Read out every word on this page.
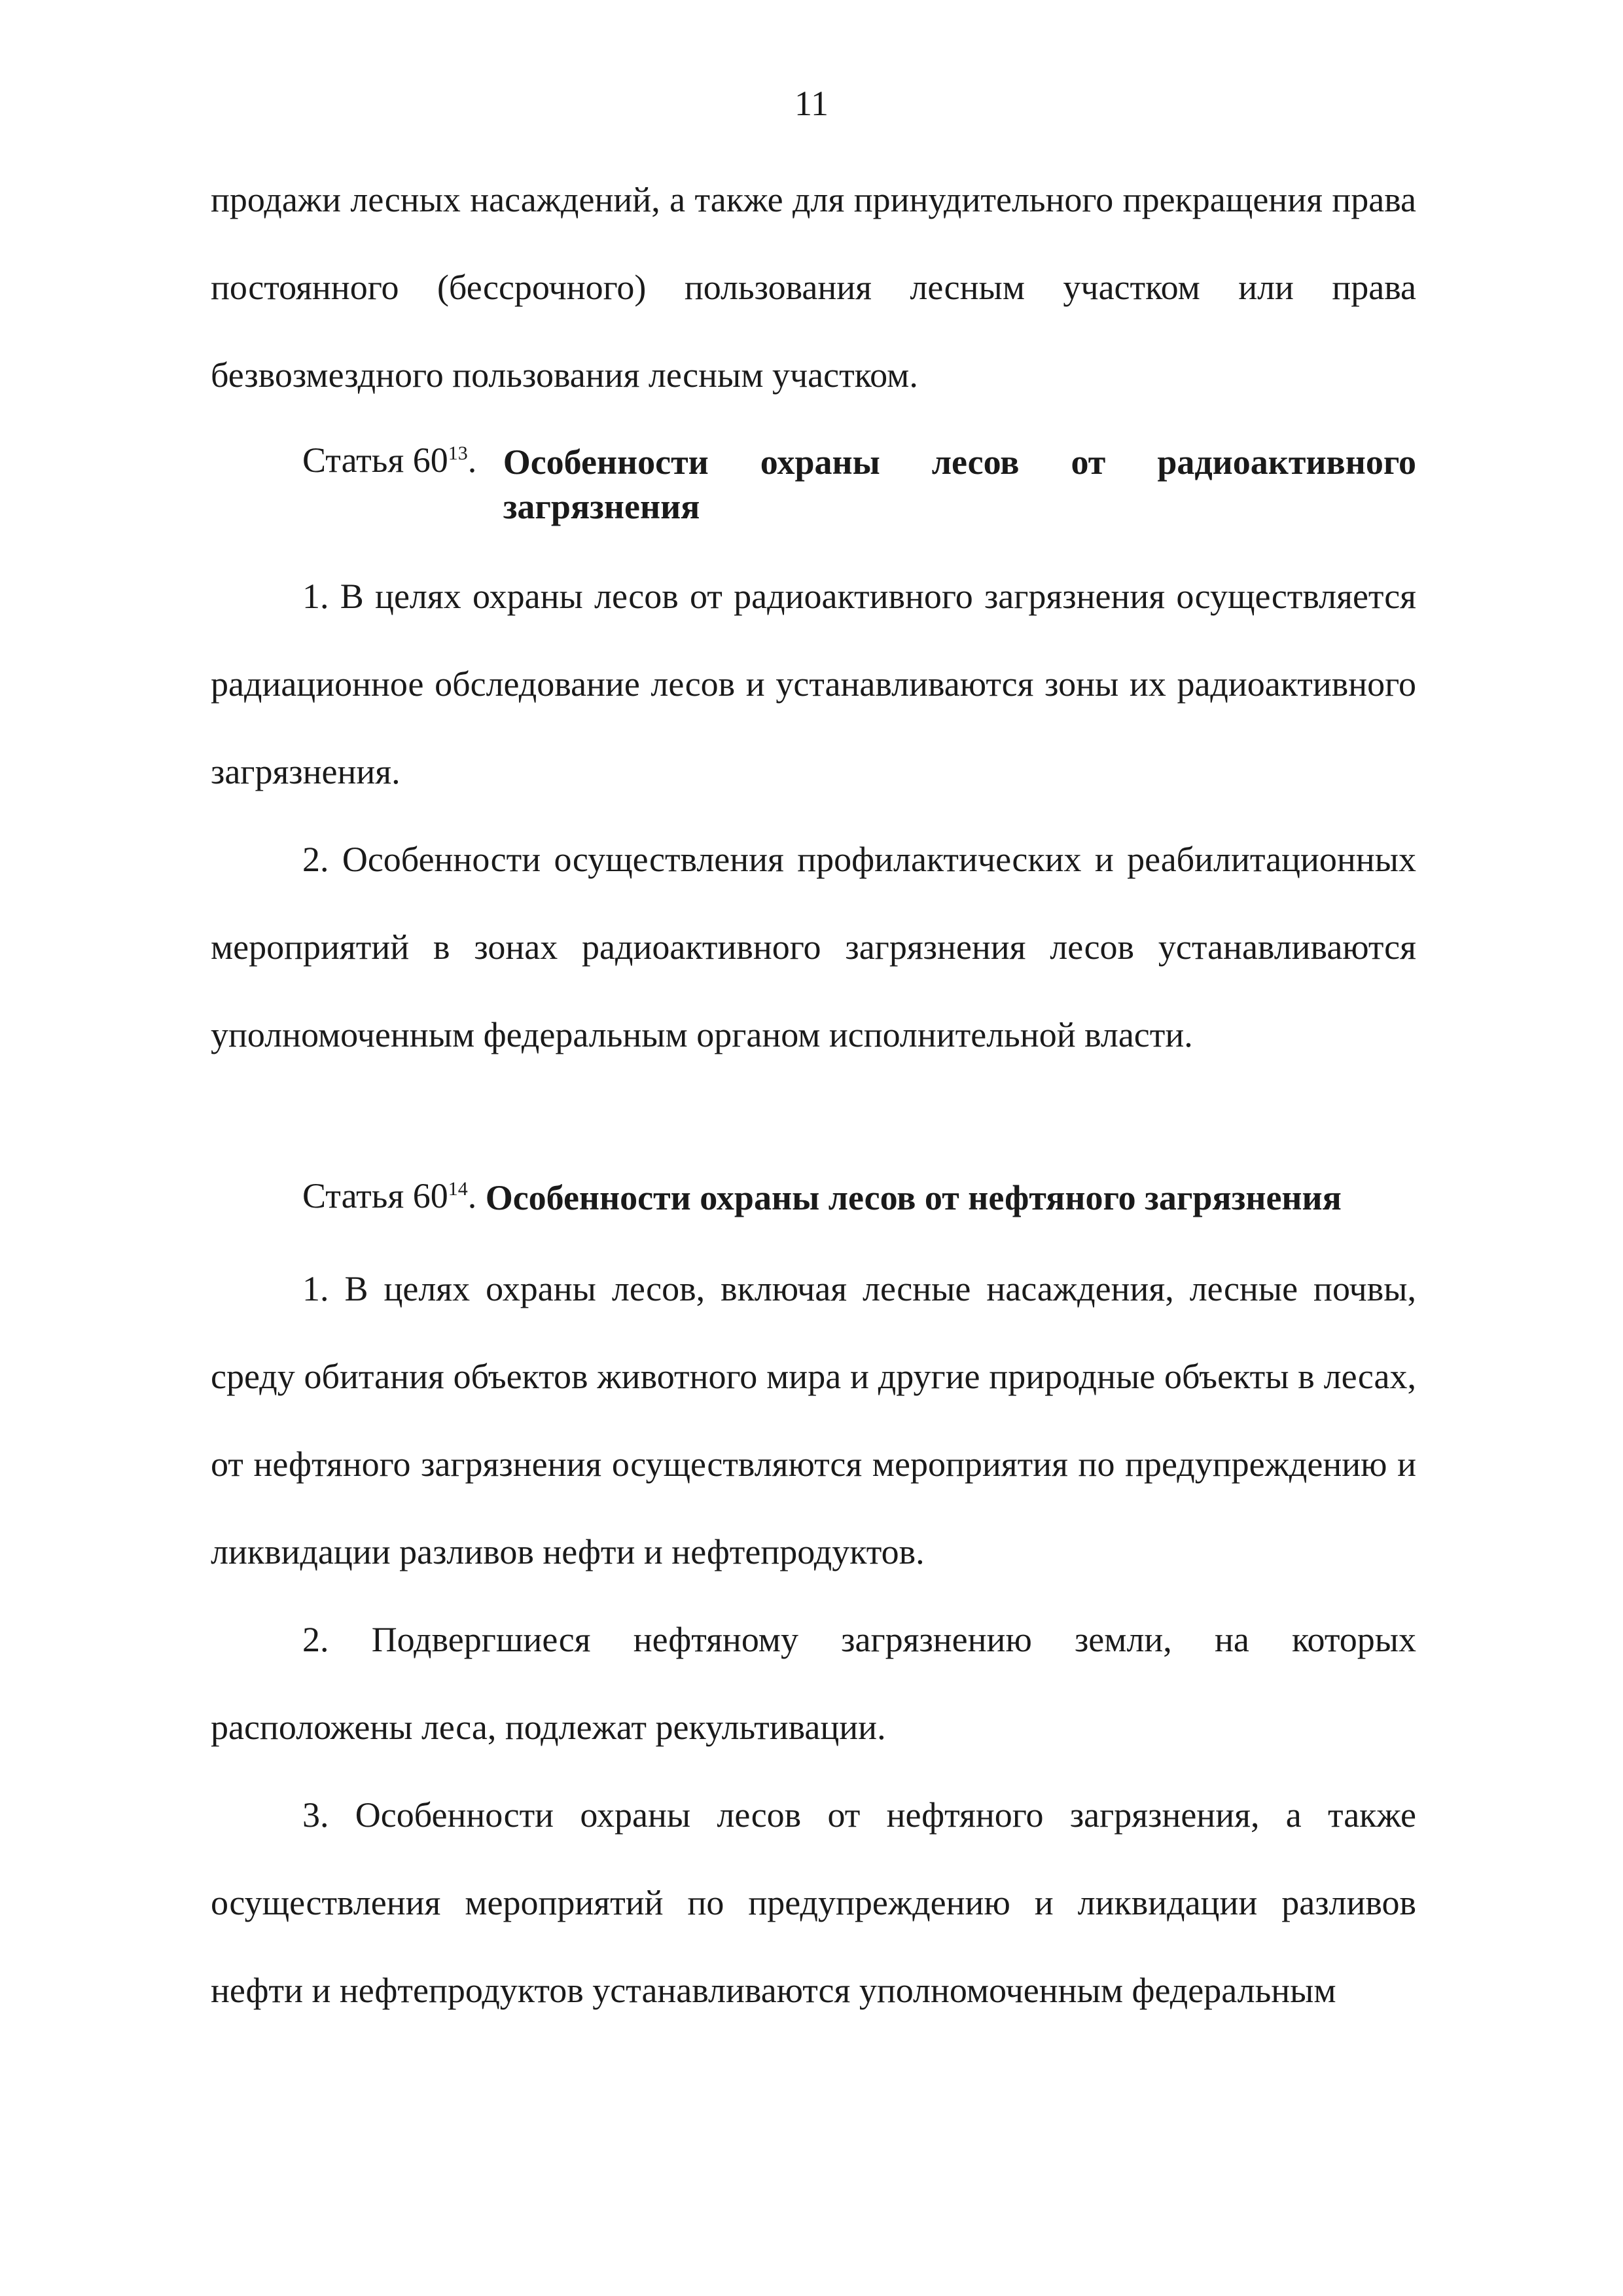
11

продажи лесных насаждений, а также для принудительного прекращения права постоянного (бессрочного) пользования лесным участком или права безвозмездного пользования лесным участком.

Статья $60^{13}$. Особенности охраны лесов от радиоактивного загрязнения

1. В целях охраны лесов от радиоактивного загрязнения осуществляется радиационное обследование лесов и устанавливаются зоны их радиоактивного загрязнения.

2. Особенности осуществления профилактических и реабилитационных мероприятий в зонах радиоактивного загрязнения лесов устанавливаются уполномоченным федеральным органом исполнительной власти.

Статья $60^{14}$. Особенности охраны лесов от нефтяного загрязнения

1. В целях охраны лесов, включая лесные насаждения, лесные почвы, среду обитания объектов животного мира и другие природные объекты в лесах, от нефтяного загрязнения осуществляются мероприятия по предупреждению и ликвидации разливов нефти и нефтепродуктов.

2. Подвергшиеся нефтяному загрязнению земли, на которых расположены леса, подлежат рекультивации.

3. Особенности охраны лесов от нефтяного загрязнения, а также осуществления мероприятий по предупреждению и ликвидации разливов нефти и нефтепродуктов устанавливаются уполномоченным федеральным
